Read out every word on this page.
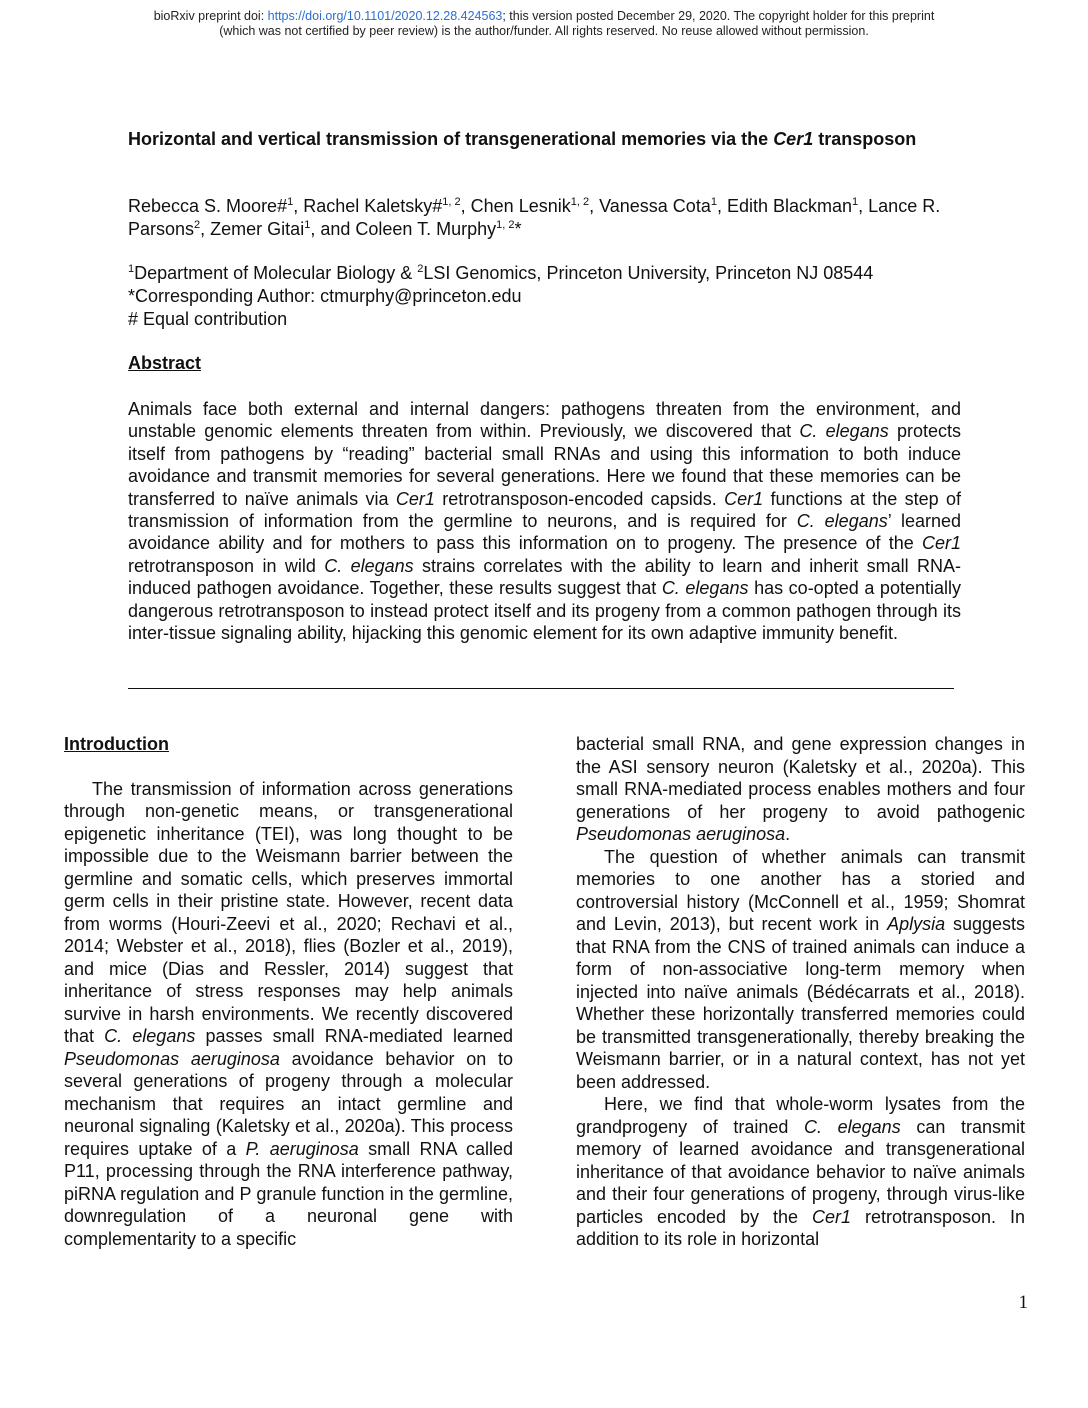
bioRxiv preprint doi: https://doi.org/10.1101/2020.12.28.424563; this version posted December 29, 2020. The copyright holder for this preprint
(which was not certified by peer review) is the author/funder. All rights reserved. No reuse allowed without permission.
Horizontal and vertical transmission of transgenerational memories via the Cer1 transposon
Rebecca S. Moore#$^1$, Rachel Kaletsky#$^{1, 2}$, Chen Lesnik$^{1, 2}$, Vanessa Cota$^1$, Edith Blackman$^1$, Lance R. Parsons$^2$, Zemer Gitai$^1$, and Coleen T. Murphy$^{1, 2}$*
$^1$Department of Molecular Biology & $^2$LSI Genomics, Princeton University, Princeton NJ 08544
*Corresponding Author: ctmurphy@princeton.edu
# Equal contribution
Abstract
Animals face both external and internal dangers: pathogens threaten from the environment, and unstable genomic elements threaten from within. Previously, we discovered that C. elegans protects itself from pathogens by “reading” bacterial small RNAs and using this information to both induce avoidance and transmit memories for several generations. Here we found that these memories can be transferred to naïve animals via Cer1 retrotransposon-encoded capsids. Cer1 functions at the step of transmission of information from the germline to neurons, and is required for C. elegans’ learned avoidance ability and for mothers to pass this information on to progeny. The presence of the Cer1 retrotransposon in wild C. elegans strains correlates with the ability to learn and inherit small RNA-induced pathogen avoidance. Together, these results suggest that C. elegans has co-opted a potentially dangerous retrotransposon to instead protect itself and its progeny from a common pathogen through its inter-tissue signaling ability, hijacking this genomic element for its own adaptive immunity benefit.

Introduction

The transmission of information across generations through non-genetic means, or transgenerational epigenetic inheritance (TEI), was long thought to be impossible due to the Weismann barrier between the germline and somatic cells, which preserves immortal germ cells in their pristine state. However, recent data from worms (Houri-Zeevi et al., 2020; Rechavi et al., 2014; Webster et al., 2018), flies (Bozler et al., 2019), and mice (Dias and Ressler, 2014) suggest that inheritance of stress responses may help animals survive in harsh environments. We recently discovered that C. elegans passes small RNA-mediated learned Pseudomonas aeruginosa avoidance behavior on to several generations of progeny through a molecular mechanism that requires an intact germline and neuronal signaling (Kaletsky et al., 2020a). This process requires uptake of a P. aeruginosa small RNA called P11, processing through the RNA interference pathway, piRNA regulation and P granule function in the germline, downregulation of a neuronal gene with complementarity to a specific

bacterial small RNA, and gene expression changes in the ASI sensory neuron (Kaletsky et al., 2020a). This small RNA-mediated process enables mothers and four generations of her progeny to avoid pathogenic Pseudomonas aeruginosa.

The question of whether animals can transmit memories to one another has a storied and controversial history (McConnell et al., 1959; Shomrat and Levin, 2013), but recent work in Aplysia suggests that RNA from the CNS of trained animals can induce a form of non-associative long-term memory when injected into naïve animals (Bédécarrats et al., 2018). Whether these horizontally transferred memories could be transmitted transgenerationally, thereby breaking the Weismann barrier, or in a natural context, has not yet been addressed.

Here, we find that whole-worm lysates from the grandprogeny of trained C. elegans can transmit memory of learned avoidance and transgenerational inheritance of that avoidance behavior to naïve animals and their four generations of progeny, through virus-like particles encoded by the Cer1 retrotransposon. In addition to its role in horizontal

1
